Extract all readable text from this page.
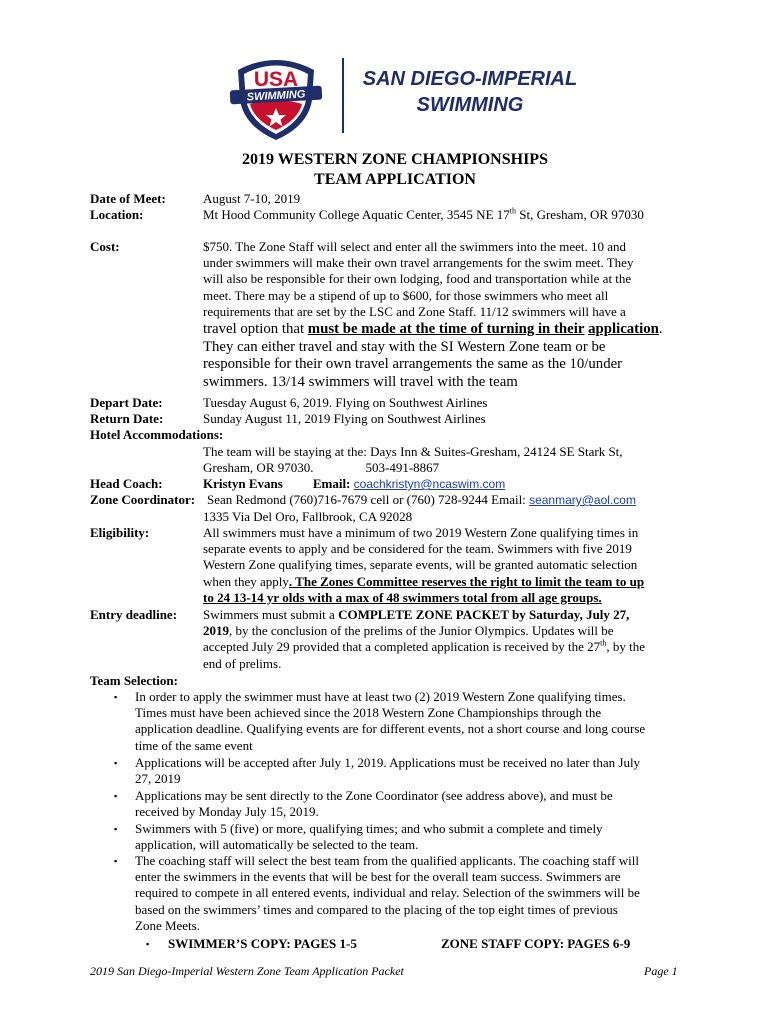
SWIMMING
USA	SAN DIEGO-IMPERIAL
SWIMMING
2019 WESTERN ZONE CHAMPIONSHIPS
TEAM APPLICATION
Date of Meet:	August 7-10, 2019
Location:	Mt Hood Community College Aquatic Center, 3545 NE 17th St, Gresham, OR 97030
Cost:	$750. The Zone Staff will select and enter all the swimmers into the meet. 10 and
under swimmers will make their own travel arrangements for the swim meet. They
will also be responsible for their own lodging, food and transportation while at the
meet. There may be a stipend of up to $600, for those swimmers who meet all
requirements that are set by the LSC and Zone Staff. 11/12 swimmers will have a
travel option that must be made at the time of turning in their application.
They can either travel and stay with the SI Western Zone team or be
responsible for their own travel arrangements the same as the 10/under
swimmers. 13/14 swimmers will travel with the team
Depart Date:	Tuesday August 6, 2019. Flying on Southwest Airlines
Return Date:	Sunday August 11, 2019 Flying on Southwest Airlines
Hotel Accommodations:
The team will be staying at the: Days Inn & Suites-Gresham, 24124 SE Stark St,
Gresham, OR 97030.	503-491-8867
Head Coach:	Kristyn Evans Email: coachkristyn@ncaswim.com
Zone Coordinator: Sean Redmond (760)716-7679 cell or (760) 728-9244 Email: seanmary@aol.com
1335 Via Del Oro, Fallbrook, CA 92028
Eligibility:	All swimmers must have a minimum of two 2019 Western Zone qualifying times in
separate events to apply and be considered for the team. Swimmers with five 2019
Western Zone qualifying times, separate events, will be granted automatic selection
when they apply. The Zones Committee reserves the right to limit the team to up
to 24 13-14 yr olds with a max of 48 swimmers total from all age groups.
Entry deadline: Swimmers must submit a COMPLETE ZONE PACKET by Saturday, July 27,
2019, by the conclusion of the prelims of the Junior Olympics. Updates will be
accepted July 29 provided that a completed application is received by the 27th, by the
end of prelims.
Team Selection:
▪ In order to apply the swimmer must have at least two (2) 2019 Western Zone qualifying times.
Times must have been achieved since the 2018 Western Zone Championships through the
application deadline. Qualifying events are for different events, not a short course and long course
time of the same event
▪ Applications will be accepted after July 1, 2019. Applications must be received no later than July
27, 2019
▪ Applications may be sent directly to the Zone Coordinator (see address above), and must be
received by Monday July 15, 2019.
▪ Swimmers with 5 (five) or more, qualifying times; and who submit a complete and timely
application, will automatically be selected to the team.
▪ The coaching staff will select the best team from the qualified applicants. The coaching staff will
enter the swimmers in the events that will be best for the overall team success. Swimmers are
required to compete in all entered events, individual and relay. Selection of the swimmers will be
based on the swimmers’ times and compared to the placing of the top eight times of previous
Zone Meets.
▪ SWIMMER’S COPY: PAGES 1-5	ZONE STAFF COPY: PAGES 6-9
2019 San Diego-Imperial Western Zone Team Application Packet	Page 1
